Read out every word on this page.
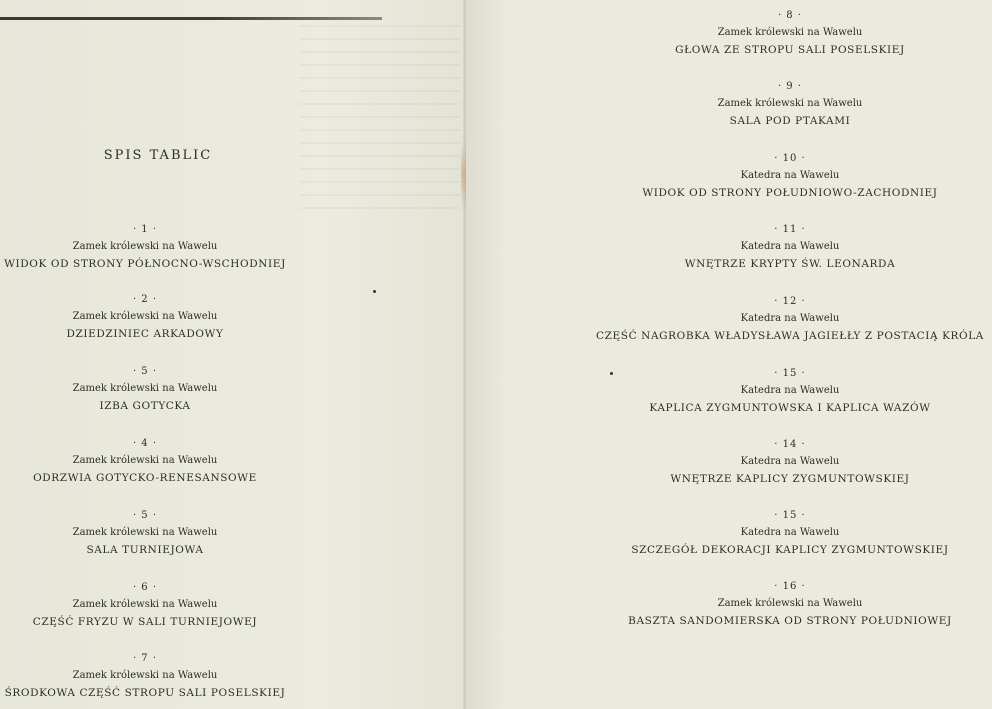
SPIS TABLIC
· 1 ·
Zamek królewski na Wawelu
WIDOK OD STRONY PÓŁNOCNO-WSCHODNIEJ
· 2 ·
Zamek królewski na Wawelu
DZIEDZINIEC ARKADOWY
· 5 ·
Zamek królewski na Wawelu
IZBA GOTYCKA
· 4 ·
Zamek królewski na Wawelu
ODRZWIA GOTYCKO-RENESANSOWE
· 5 ·
Zamek królewski na Wawelu
SALA TURNIEJOWA
· 6 ·
Zamek królewski na Wawelu
CZĘŚĆ FRYZU W SALI TURNIEJOWEJ
· 7 ·
Zamek królewski na Wawelu
ŚRODKOWA CZĘŚĆ STROPU SALI POSELSKIEJ
· 8 ·
Zamek królewski na Wawelu
GŁOWA ZE STROPU SALI POSELSKIEJ
· 9 ·
Zamek królewski na Wawelu
SALA POD PTAKAMI
· 10 ·
Katedra na Wawelu
WIDOK OD STRONY POŁUDNIOWO-ZACHODNIEJ
· 11 ·
Katedra na Wawelu
WNĘTRZE KRYPTY ŚW. LEONARDA
· 12 ·
Katedra na Wawelu
CZĘŚĆ NAGROBKA WŁADYSŁAWA JAGIEŁŁY Z POSTACIĄ KRÓLA
· 15 ·
Katedra na Wawelu
KAPLICA ZYGMUNTOWSKA I KAPLICA WAZÓW
· 14 ·
Katedra na Wawelu
WNĘTRZE KAPLICY ZYGMUNTOWSKIEJ
· 15 ·
Katedra na Wawelu
SZCZEGÓŁ DEKORACJI KAPLICY ZYGMUNTOWSKIEJ
· 16 ·
Zamek królewski na Wawelu
BASZTA SANDOMIERSKA OD STRONY POŁUDNIOWEJ
